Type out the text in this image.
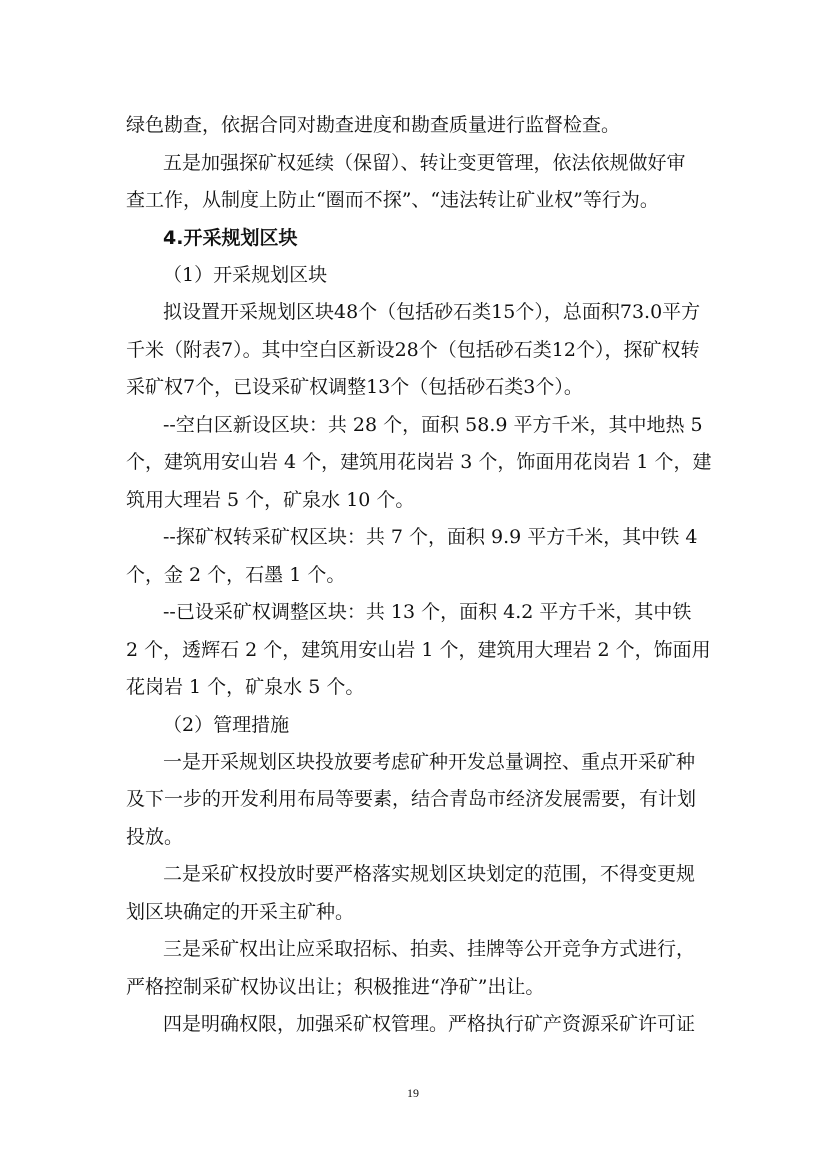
绿色勘查，依据合同对勘查进度和勘查质量进行监督检查。
五是加强探矿权延续（保留）、转让变更管理，依法依规做好审
查工作，从制度上防止“圈而不探”、“违法转让矿业权”等行为。
4.开采规划区块
（1）开采规划区块
拟设置开采规划区块48个（包括砂石类15个），总面积73.0平方
千米（附表7）。其中空白区新设28个（包括砂石类12个），探矿权转
采矿权7个，已设采矿权调整13个（包括砂石类3个）。
--空白区新设区块：共 28 个，面积 58.9 平方千米，其中地热 5
个，建筑用安山岩 4 个，建筑用花岗岩 3 个，饰面用花岗岩 1 个，建
筑用大理岩 5 个，矿泉水 10 个。
--探矿权转采矿权区块：共 7 个，面积 9.9 平方千米，其中铁 4
个，金 2 个，石墨 1 个。
--已设采矿权调整区块：共 13 个，面积 4.2 平方千米，其中铁
2 个，透辉石 2 个，建筑用安山岩 1 个，建筑用大理岩 2 个，饰面用
花岗岩 1 个，矿泉水 5 个。
（2）管理措施
一是开采规划区块投放要考虑矿种开发总量调控、重点开采矿种
及下一步的开发利用布局等要素，结合青岛市经济发展需要，有计划
投放。
二是采矿权投放时要严格落实规划区块划定的范围，不得变更规
划区块确定的开采主矿种。
三是采矿权出让应采取招标、拍卖、挂牌等公开竞争方式进行，
严格控制采矿权协议出让；积极推进“净矿”出让。
四是明确权限，加强采矿权管理。严格执行矿产资源采矿许可证
19
